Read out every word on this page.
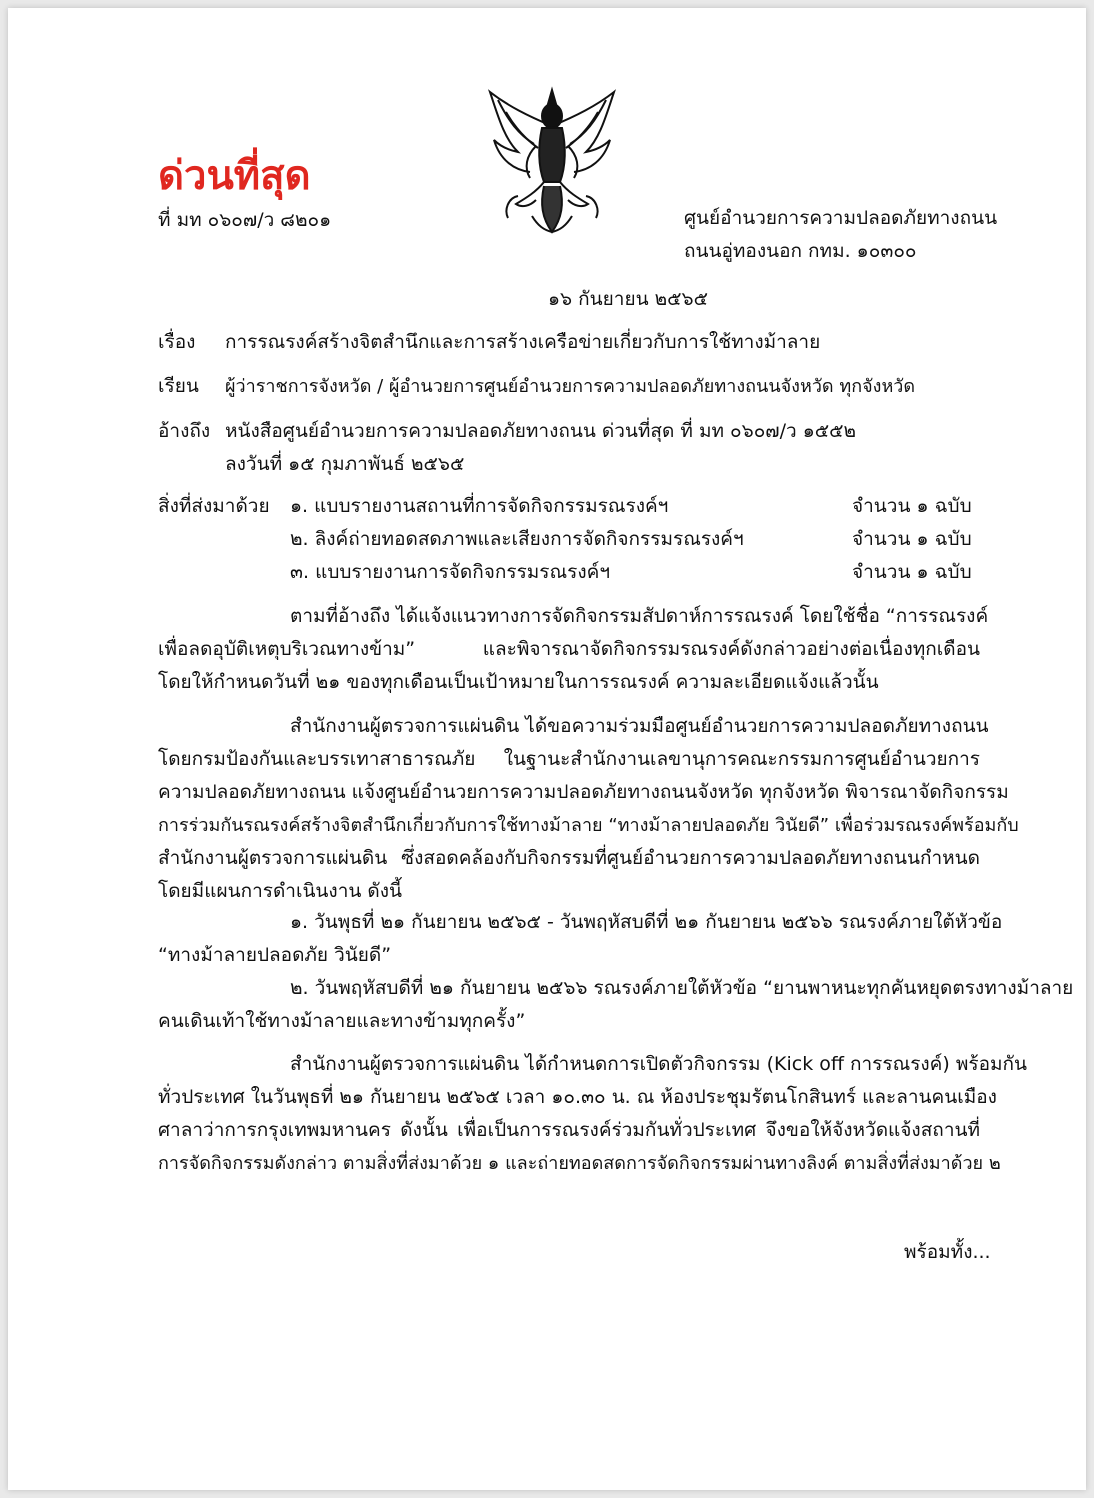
ด่วนที่สุด
ที่ มท ๐๖๐๗/ว ๘๒๐๑	ศูนย์อำนวยการความปลอดภัยทางถนน
ถนนอู่ทองนอก กทม. ๑๐๓๐๐
๑๖ กันยายน ๒๕๖๕
เรื่อง การรณรงค์สร้างจิตสำนึกและการสร้างเครือข่ายเกี่ยวกับการใช้ทางม้าลาย
เรียน ผู้ว่าราชการจังหวัด / ผู้อำนวยการศูนย์อำนวยการความปลอดภัยทางถนนจังหวัด ทุกจังหวัด
อ้างถึง หนังสือศูนย์อำนวยการความปลอดภัยทางถนน ด่วนที่สุด ที่ มท ๐๖๐๗/ว ๑๕๕๒
ลงวันที่ ๑๕ กุมภาพันธ์ ๒๕๖๕
สิ่งที่ส่งมาด้วย ๑. แบบรายงานสถานที่การจัดกิจกรรมรณรงค์ฯ	จำนวน ๑ ฉบับ
๒. ลิงค์ถ่ายทอดสดภาพและเสียงการจัดกิจกรรมรณรงค์ฯ	จำนวน ๑ ฉบับ
๓. แบบรายงานการจัดกิจกรรมรณรงค์ฯ	จำนวน ๑ ฉบับ
ตามที่อ้างถึง ได้แจ้งแนวทางการจัดกิจกรรมสัปดาห์การรณรงค์ โดยใช้ชื่อ “การรณรงค์
เพื่อลดอุบัติเหตุบริเวณทางข้าม” และพิจารณาจัดกิจกรรมรณรงค์ดังกล่าวอย่างต่อเนื่องทุกเดือน
โดยให้กำหนดวันที่ ๒๑ ของทุกเดือนเป็นเป้าหมายในการรณรงค์ ความละเอียดแจ้งแล้วนั้น
สำนักงานผู้ตรวจการแผ่นดิน ได้ขอความร่วมมือศูนย์อำนวยการความปลอดภัยทางถนน
โดยกรมป้องกันและบรรเทาสาธารณภัย ในฐานะสำนักงานเลขานุการคณะกรรมการศูนย์อำนวยการ
ความปลอดภัยทางถนน แจ้งศูนย์อำนวยการความปลอดภัยทางถนนจังหวัด ทุกจังหวัด พิจารณาจัดกิจกรรม
การร่วมกันรณรงค์สร้างจิตสำนึกเกี่ยวกับการใช้ทางม้าลาย “ทางม้าลายปลอดภัย วินัยดี” เพื่อร่วมรณรงค์พร้อมกับ
สำนักงานผู้ตรวจการแผ่นดิน ซึ่งสอดคล้องกับกิจกรรมที่ศูนย์อำนวยการความปลอดภัยทางถนนกำหนด
โดยมีแผนการดำเนินงาน ดังนี้
๑. วันพุธที่ ๒๑ กันยายน ๒๕๖๕ - วันพฤหัสบดีที่ ๒๑ กันยายน ๒๕๖๖ รณรงค์ภายใต้หัวข้อ
“ทางม้าลายปลอดภัย วินัยดี”
๒. วันพฤหัสบดีที่ ๒๑ กันยายน ๒๕๖๖ รณรงค์ภายใต้หัวข้อ “ยานพาหนะทุกคันหยุดตรงทางม้าลาย
คนเดินเท้าใช้ทางม้าลายและทางข้ามทุกครั้ง”
สำนักงานผู้ตรวจการแผ่นดิน ได้กำหนดการเปิดตัวกิจกรรม (Kick off การรณรงค์) พร้อมกัน
ทั่วประเทศ ในวันพุธที่ ๒๑ กันยายน ๒๕๖๕ เวลา ๑๐.๓๐ น. ณ ห้องประชุมรัตนโกสินทร์ และลานคนเมือง
ศาลาว่าการกรุงเทพมหานคร ดังนั้น เพื่อเป็นการรณรงค์ร่วมกันทั่วประเทศ จึงขอให้จังหวัดแจ้งสถานที่
การจัดกิจกรรมดังกล่าว ตามสิ่งที่ส่งมาด้วย ๑ และถ่ายทอดสดการจัดกิจกรรมผ่านทางลิงค์ ตามสิ่งที่ส่งมาด้วย ๒
พร้อมทั้ง...
